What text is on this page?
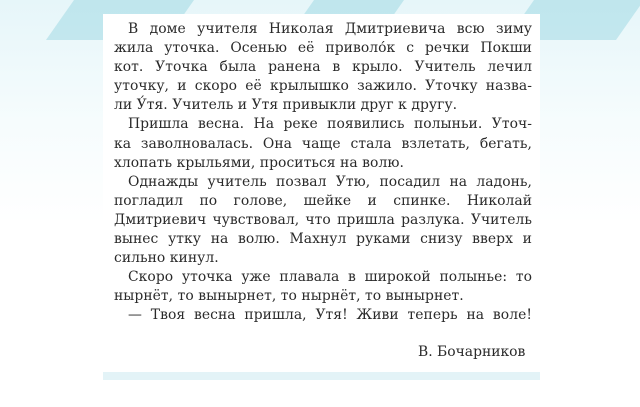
В доме учителя Николая Дмитриевича всю зиму
жила уточка. Осенью её приволо́к с речки Покши
кот. Уточка была ранена в крыло. Учитель лечил
уточку, и скоро её крылышко зажило. Уточку назва-
ли У́тя. Учитель и Утя привыкли друг к другу.
Пришла весна. На реке появились полыньи. Уточ-
ка заволновалась. Она чаще стала взлетать, бегать,
хлопать крыльями, проситься на волю.
Однажды учитель позвал Утю, посадил на ладонь,
погладил по голове, шейке и спинке. Николай
Дмитриевич чувствовал, что пришла разлука. Учитель
вынес утку на волю. Махнул руками снизу вверх и
сильно кинул.
Скоро уточка уже плавала в широкой полынье: то
нырнёт, то вынырнет, то нырнёт, то вынырнет.
— Твоя весна пришла, Утя! Живи теперь на воле!
В. Бочарников
